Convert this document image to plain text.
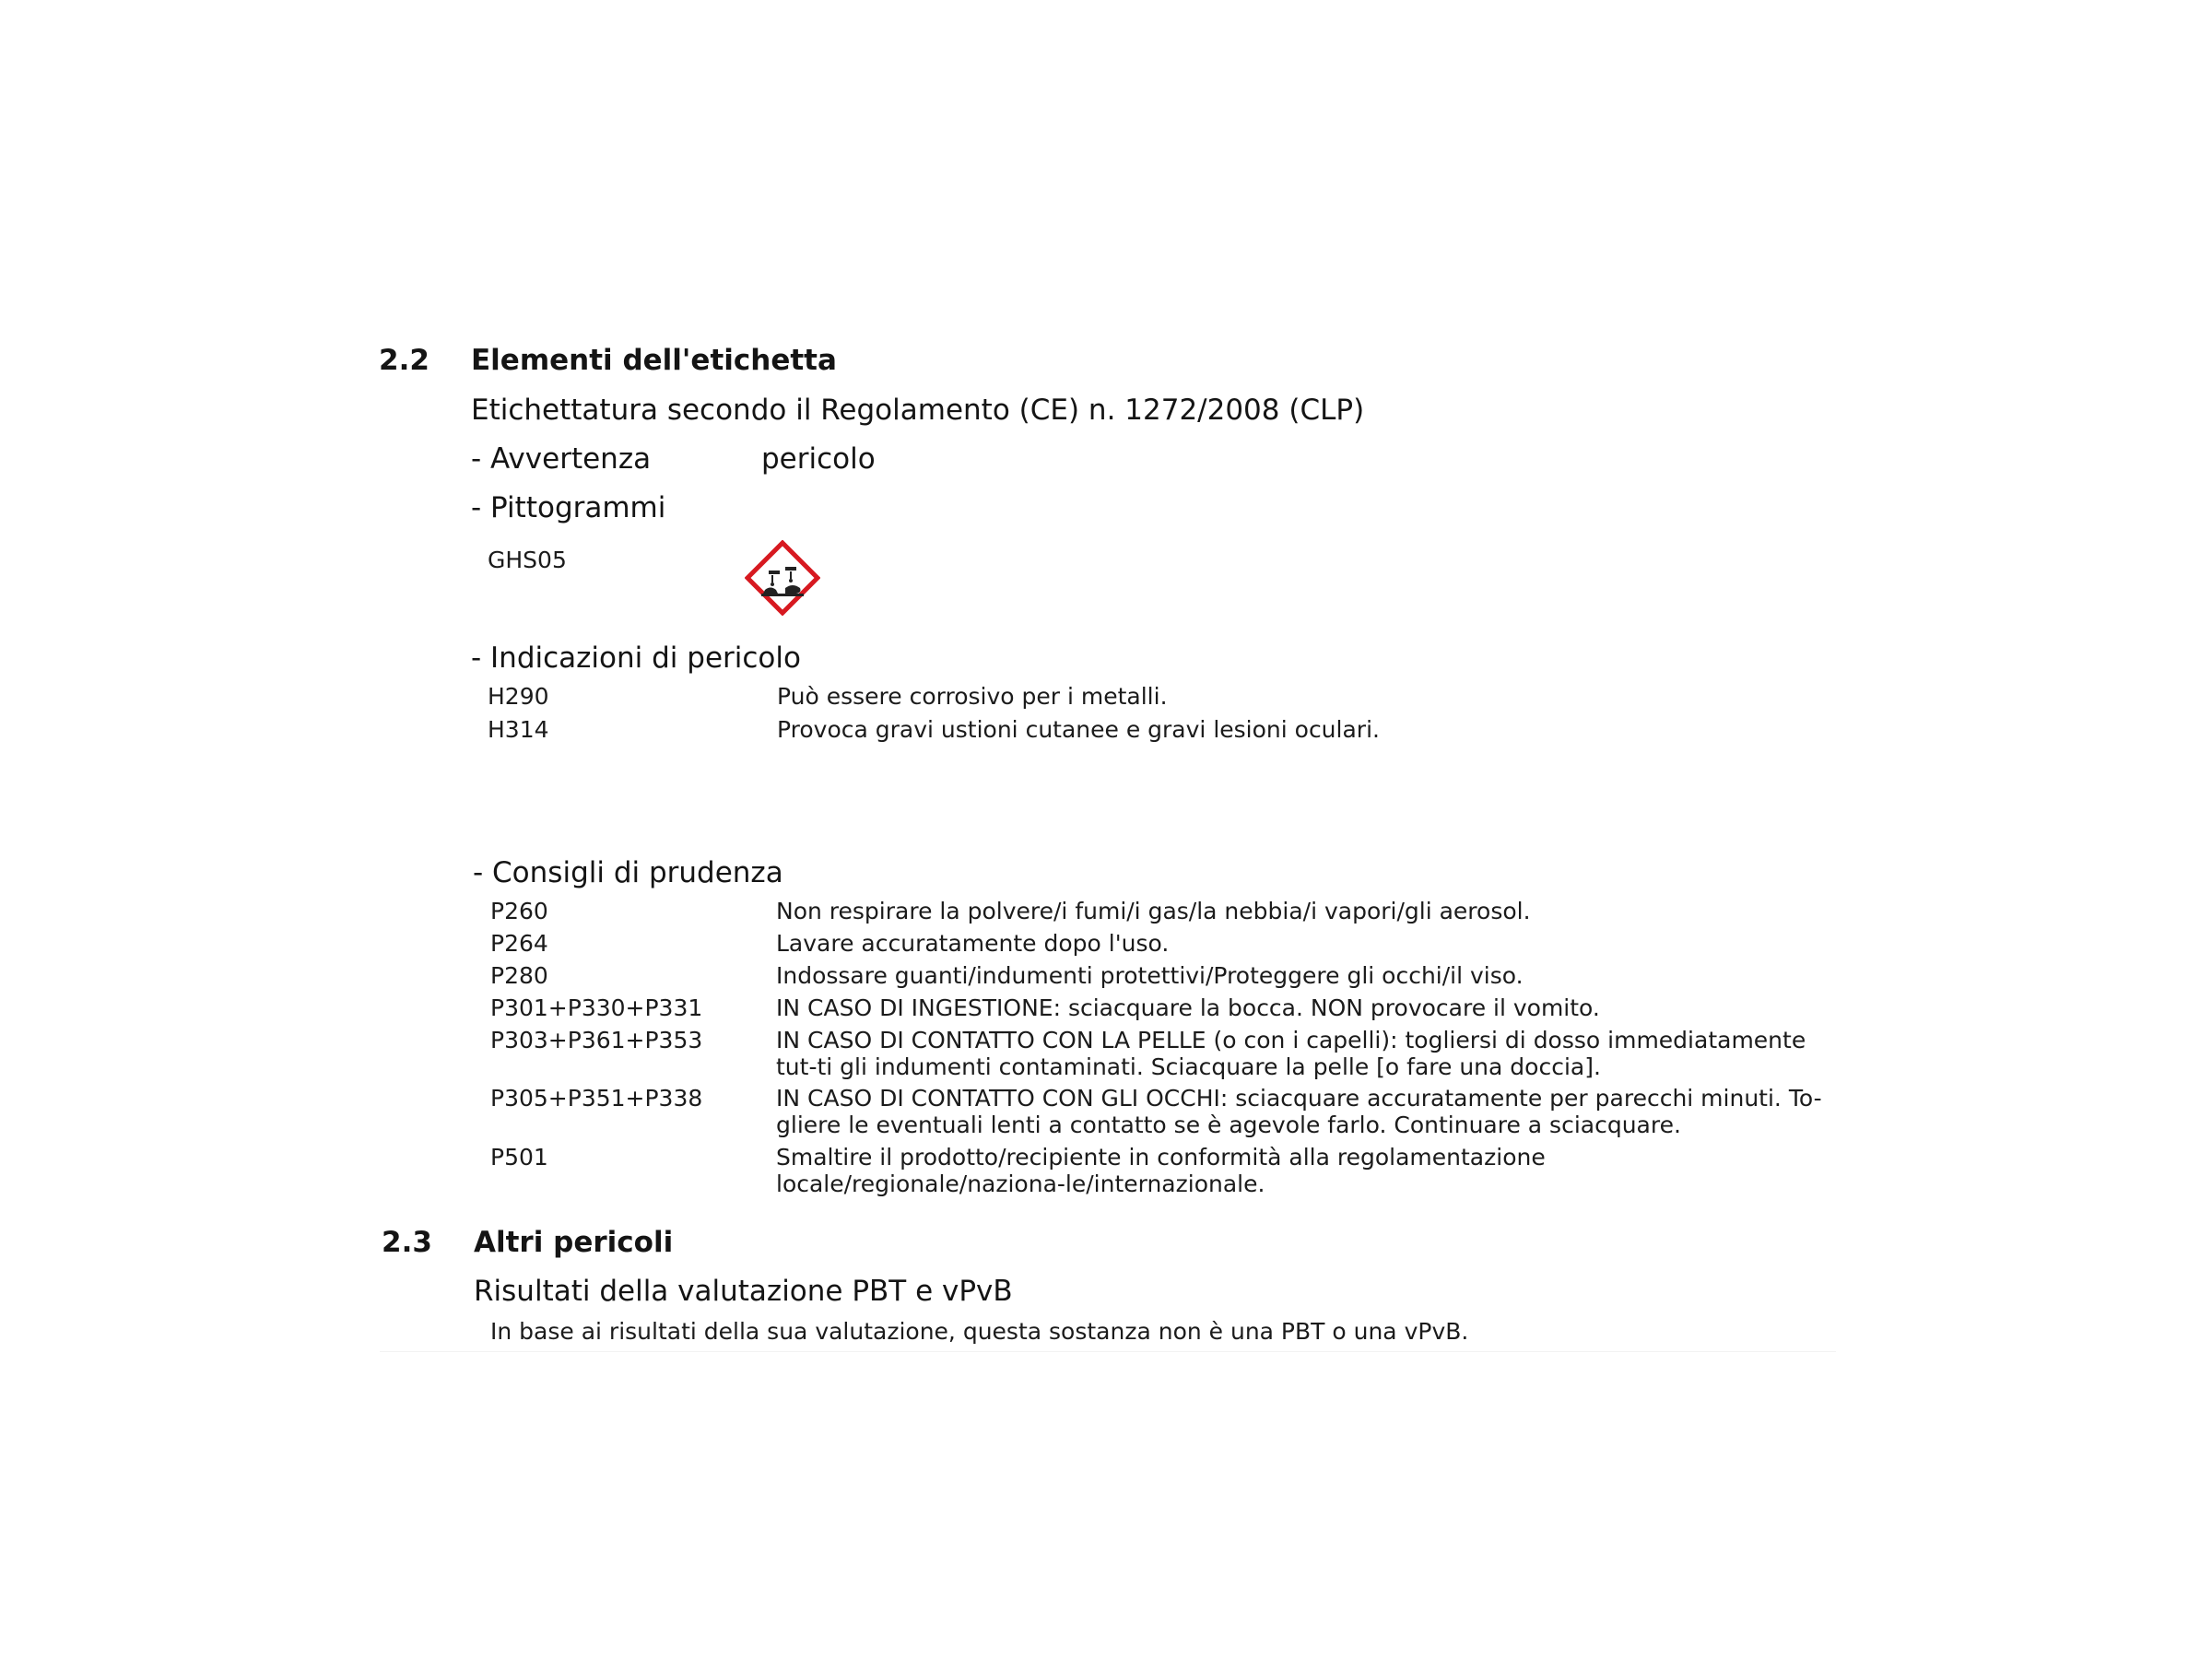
2.2 Elementi dell'etichetta
Etichettatura secondo il Regolamento (CE) n. 1272/2008 (CLP)
- Avvertenza	pericolo
- Pittogrammi
GHS05
- Indicazioni di pericolo
H290	Può essere corrosivo per i metalli.
H314	Provoca gravi ustioni cutanee e gravi lesioni oculari.
- Consigli di prudenza
P260	Non respirare la polvere/i fumi/i gas/la nebbia/i vapori/gli aerosol.
P264	Lavare accuratamente dopo l'uso.
P280	Indossare guanti/indumenti protettivi/Proteggere gli occhi/il viso.
P301+P330+P331	IN CASO DI INGESTIONE: sciacquare la bocca. NON provocare il vomito.
P303+P361+P353	IN CASO DI CONTATTO CON LA PELLE (o con i capelli): togliersi di dosso immediatamente tut-ti gli indumenti contaminati. Sciacquare la pelle [o fare una doccia].
P305+P351+P338	IN CASO DI CONTATTO CON GLI OCCHI: sciacquare accuratamente per parecchi minuti. To-gliere le eventuali lenti a contatto se è agevole farlo. Continuare a sciacquare.
P501	Smaltire il prodotto/recipiente in conformità alla regolamentazione locale/regionale/naziona-le/internazionale.
2.3 Altri pericoli
Risultati della valutazione PBT e vPvB
In base ai risultati della sua valutazione, questa sostanza non è una PBT o una vPvB.
